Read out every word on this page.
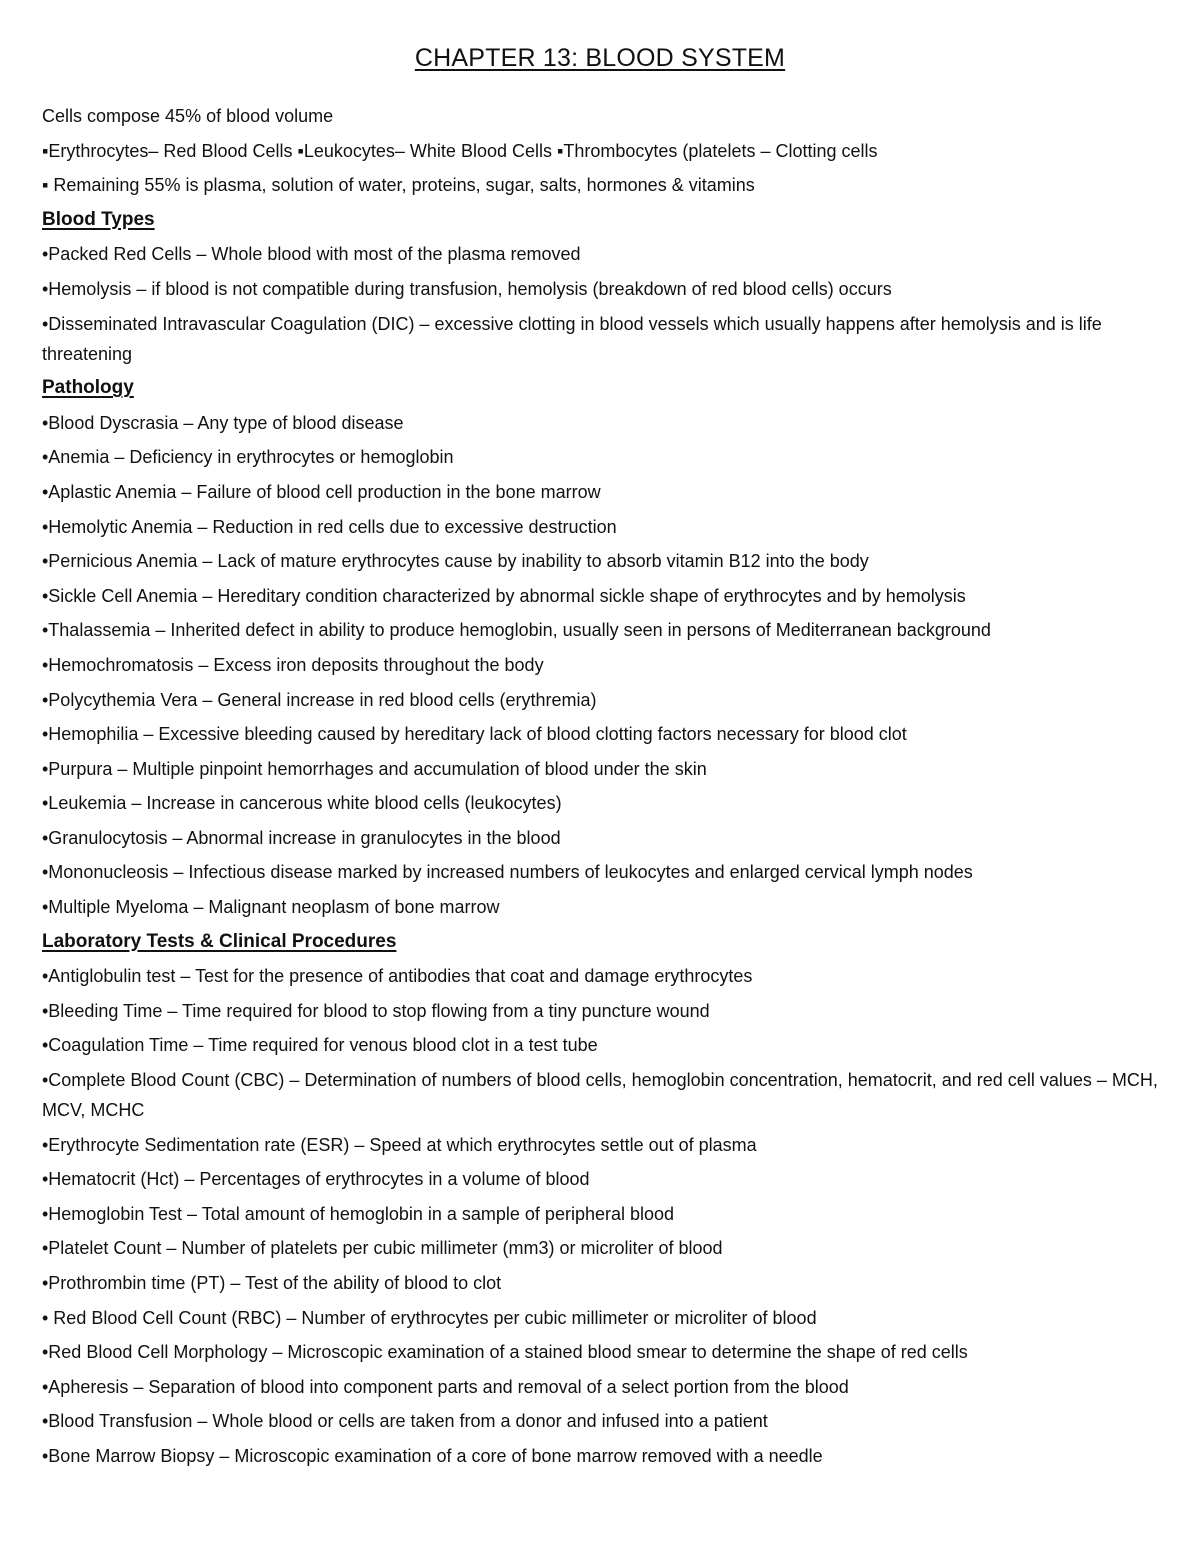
CHAPTER 13: BLOOD SYSTEM
Cells compose 45% of blood volume
▪Erythrocytes– Red Blood Cells ▪Leukocytes– White Blood Cells ▪Thrombocytes (platelets – Clotting cells
▪ Remaining 55% is plasma, solution of water, proteins, sugar, salts, hormones & vitamins
Blood Types
•Packed Red Cells – Whole blood with most of the plasma removed
•Hemolysis – if blood is not compatible during transfusion, hemolysis (breakdown of red blood cells) occurs
•Disseminated Intravascular Coagulation (DIC) – excessive clotting in blood vessels which usually happens after hemolysis and is life threatening
Pathology
•Blood Dyscrasia – Any type of blood disease
•Anemia – Deficiency in erythrocytes or hemoglobin
•Aplastic Anemia – Failure of blood cell production in the bone marrow
•Hemolytic Anemia – Reduction in red cells due to excessive destruction
•Pernicious Anemia – Lack of mature erythrocytes cause by inability to absorb vitamin B12 into the body
•Sickle Cell Anemia – Hereditary condition characterized by abnormal sickle shape of erythrocytes and by hemolysis
•Thalassemia – Inherited defect in ability to produce hemoglobin, usually seen in persons of Mediterranean background
•Hemochromatosis – Excess iron deposits throughout the body
•Polycythemia Vera – General increase in red blood cells (erythremia)
•Hemophilia – Excessive bleeding caused by hereditary lack of blood clotting factors necessary for blood clot
•Purpura – Multiple pinpoint hemorrhages and accumulation of blood under the skin
•Leukemia – Increase in cancerous white blood cells (leukocytes)
•Granulocytosis – Abnormal increase in granulocytes in the blood
•Mononucleosis – Infectious disease marked by increased numbers of leukocytes and enlarged cervical lymph nodes
•Multiple Myeloma – Malignant neoplasm of bone marrow
Laboratory Tests & Clinical Procedures
•Antiglobulin test – Test for the presence of antibodies that coat and damage erythrocytes
•Bleeding Time – Time required for blood to stop flowing from a tiny puncture wound
•Coagulation Time – Time required for venous blood clot in a test tube
•Complete Blood Count (CBC) – Determination of numbers of blood cells, hemoglobin concentration, hematocrit, and red cell values – MCH, MCV, MCHC
•Erythrocyte Sedimentation rate (ESR) – Speed at which erythrocytes settle out of plasma
•Hematocrit (Hct) – Percentages of erythrocytes in a volume of blood
•Hemoglobin Test – Total amount of hemoglobin in a sample of peripheral blood
•Platelet Count – Number of platelets per cubic millimeter (mm3) or microliter of blood
•Prothrombin time (PT) – Test of the ability of blood to clot
• Red Blood Cell Count (RBC) – Number of erythrocytes per cubic millimeter or microliter of blood
•Red Blood Cell Morphology – Microscopic examination of a stained blood smear to determine the shape of red cells
•Apheresis – Separation of blood into component parts and removal of a select portion from the blood
•Blood Transfusion – Whole blood or cells are taken from a donor and infused into a patient
•Bone Marrow Biopsy – Microscopic examination of a core of bone marrow removed with a needle
